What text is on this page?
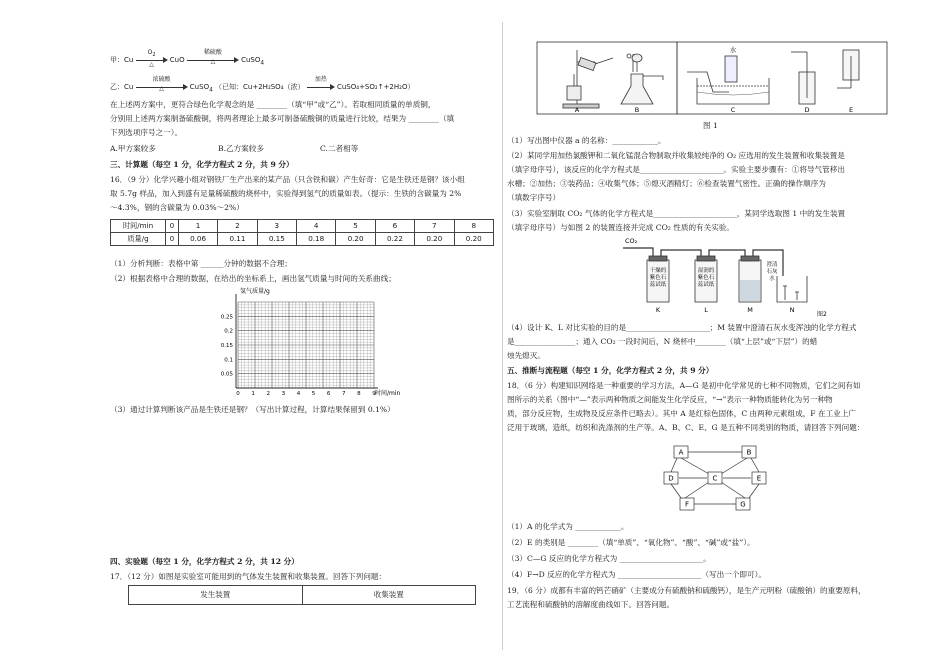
甲：Cu
$O_2$
△
CuO
稀硫酸
△	CuSO$_4$
乙：Cu
浓硫酸
△	CuSO$_4$ （已知：Cu+2H₂SO₄（浓）
加热
CuSO₄+SO₂↑+2H₂O）
在上述两方案中，更符合绿色化学观念的是 ________（填“甲”或“乙”）。若取相同质量的单质铜，
分别用上述两方案制备硫酸铜，将两者理论上最多可制备硫酸铜的质量进行比较，结果为 ________（填
下列选项序号之一）。
A.甲方案较多	B.乙方案较多	C.二者相等
三、计算题（每空 1 分，化学方程式 2 分，共 9 分）
16．（9 分）化学兴趣小组对钢铁厂生产出来的某产品（只含铁和碳）产生好奇：它是生铁还是钢？该小组
取 5.7g 样品，加入到盛有足量稀硫酸的烧杯中，实验得到氢气的质量如表。（提示：生铁的含碳量为 2%
～4.3%，钢的含碳量为 0.03%～2%）
时间/min	0	1	2	3	4	5	6	7	8
质量/g	0	0.06	0.11	0.15	0.18	0.20	0.22	0.20	0.20
（1）分析判断：表格中第 ______分钟的数据不合理；
（2）根据表格中合理的数据，在给出的坐标系上，画出氢气质量与时间的关系曲线；
氢气质量/g
时间/min
0.25
0.2
0.15
0.1
0.05
0 1 2 3 4 5 6 7 8 9
（3）通过计算判断该产品是生铁还是钢？（写出计算过程，计算结果保留到 0.1%）
四、实验题（每空 1 分，化学方程式 2 分，共 12 分）
17．（12 分）如图是实验室可能用到的气体发生装置和收集装置。回答下列问题：
发生装置	收集装置
A	B	C	D	E
水
图 1
（1）写出图中仪器 a 的名称：____________。
（2）某同学用加热氯酸钾和二氧化锰混合物制取并收集较纯净的 O₂ 应选用的发生装置和收集装置是
（填字母序号），该反应的化学方程式是______________________。实验主要步骤有：①将导气管移出
水槽；②加热；③装药品；④收集气体；⑤熄灭酒精灯；⑥检查装置气密性。正确的操作顺序为
（填数字序号）
（3）实验室制取 CO₂ 气体的化学方程式是______________________，某同学选取图 1 中的发生装置
（填字母序号）与如图 2 的装置连接并完成 CO₂ 性质的有关实验。
CO₂
干燥的
紫色石
蕊试纸
湿润的
紫色石
蕊试纸
澄清
石灰
水
K	L	M	N
图2
（4）设计 K、L 对比实验的目的是______________________；M 装置中澄清石灰水变浑浊的化学方程式
是________________；通入 CO₂ 一段时间后，N 烧杯中________（填“上层”或“下层”）的蜡
烛先熄灭。
五、推断与流程题（每空 1 分，化学方程式 2 分，共 9 分）
18．（6 分）构建知识网络是一种重要的学习方法，A—G 是初中化学常见的七种不同物质，它们之间有如
图所示的关系（图中“—”表示两种物质之间能发生化学反应，“→”表示一种物质能转化为另一种物
质，部分反应物，生成物及反应条件已略去）。其中 A 是红棕色固体，C 由两种元素组成，F 在工业上广
泛用于玻璃，造纸，纺织和洗涤剂的生产等。A、B、C、E、G 是五种不同类别的物质，请回答下列问题：
A	B
C
D	E
F	G
（1）A 的化学式为 ____________。
（2）E 的类别是 ________（填“单质”、“氧化物”、“酸”、“碱”或“盐”）。
（3）C—G 反应的化学方程式为 ______________________。
（4）F→D 反应的化学方程式为 ______________________（写出一个即可）。
19．（6 分）成都有丰富的钙芒硝矿（主要成分有硫酸钠和硫酸钙），是生产元明粉（硫酸钠）的重要原料，
工艺流程和硫酸钠的溶解度曲线如下。回答问题。
